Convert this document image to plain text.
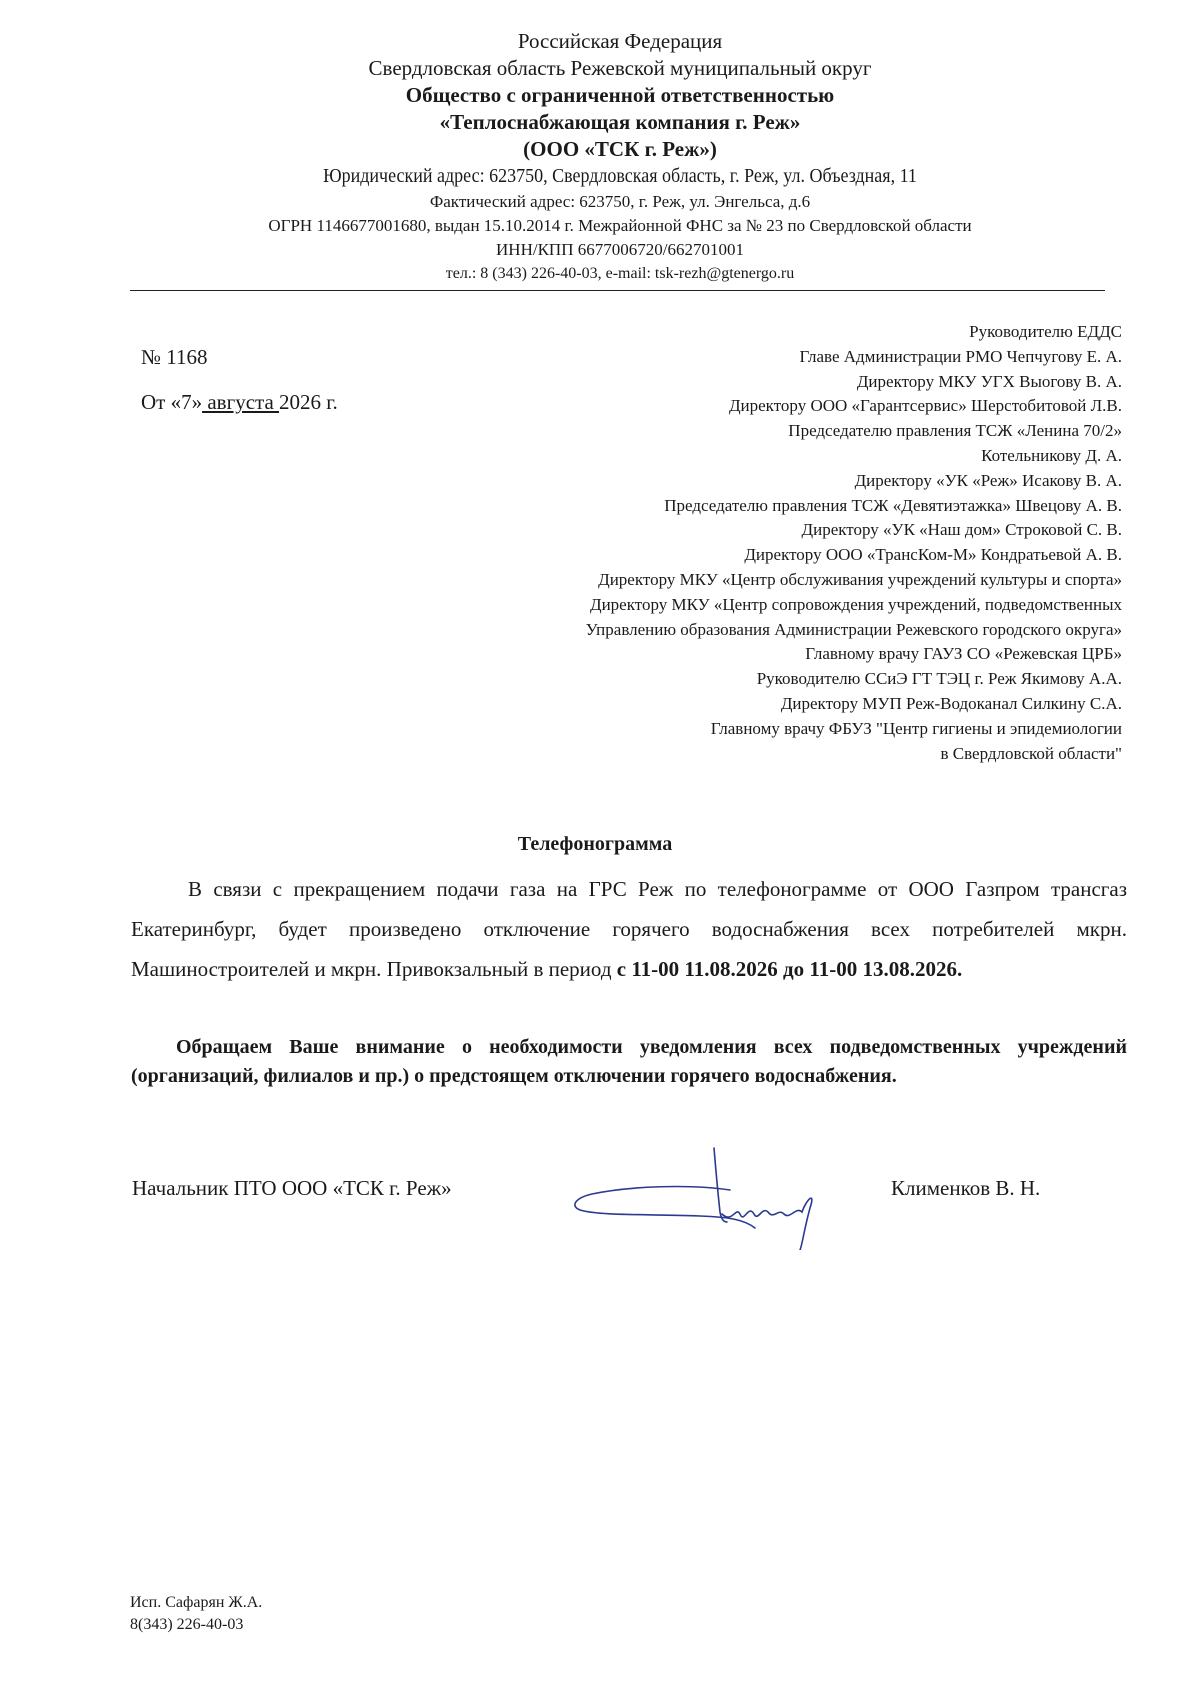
Российская Федерация
Свердловская область Режевской муниципальный округ
Общество с ограниченной ответственностью
«Теплоснабжающая компания г. Реж»
(ООО «ТСК г. Реж»)
Юридический адрес: 623750, Свердловская область, г. Реж, ул. Объездная, 11
Фактический адрес: 623750, г. Реж, ул. Энгельса, д.6
ОГРН 1146677001680, выдан 15.10.2014 г. Межрайонной ФНС за № 23 по Свердловской области
ИНН/КПП 6677006720/662701001
тел.: 8 (343) 226-40-03, e-mail: tsk-rezh@gtenergo.ru
№ 1168
От «7» августа 2026 г.
Руководителю ЕДДС
Главе Администрации РМО Чепчугову Е. А.
Директору МКУ УГХ Выогову В. А.
Директору ООО «Гарантсервис» Шерстобитовой Л.В.
Председателю правления ТСЖ «Ленина 70/2»
Котельникову Д. А.
Директору «УК «Реж» Исакову В. А.
Председателю правления ТСЖ «Девятиэтажка» Швецову А. В.
Директору «УК «Наш дом» Строковой С. В.
Директору ООО «ТрансКом-М» Кондратьевой А. В.
Директору МКУ «Центр обслуживания учреждений культуры и спорта»
Директору МКУ «Центр сопровождения учреждений, подведомственных
Управлению образования Администрации Режевского городского округа»
Главному врачу ГАУЗ СО «Режевская ЦРБ»
Руководителю ССиЭ ГТ ТЭЦ г. Реж Якимову А.А.
Директору МУП Реж-Водоканал Силкину С.А.
Главному врачу ФБУЗ "Центр гигиены и эпидемиологии
в Свердловской области"
Телефонограмма
В связи с прекращением подачи газа на ГРС Реж по телефонограмме от ООО Газпром трансгаз Екатеринбург, будет произведено отключение горячего водоснабжения всех потребителей мкрн. Машиностроителей и мкрн. Привокзальный в период с 11-00 11.08.2026 до 11-00 13.08.2026.
Обращаем Ваше внимание о необходимости уведомления всех подведомственных учреждений (организаций, филиалов и пр.) о предстоящем отключении горячего водоснабжения.
Начальник ПТО ООО «ТСК г. Реж»	Клименков В. Н.
Исп. Сафарян Ж.А.
8(343) 226-40-03
